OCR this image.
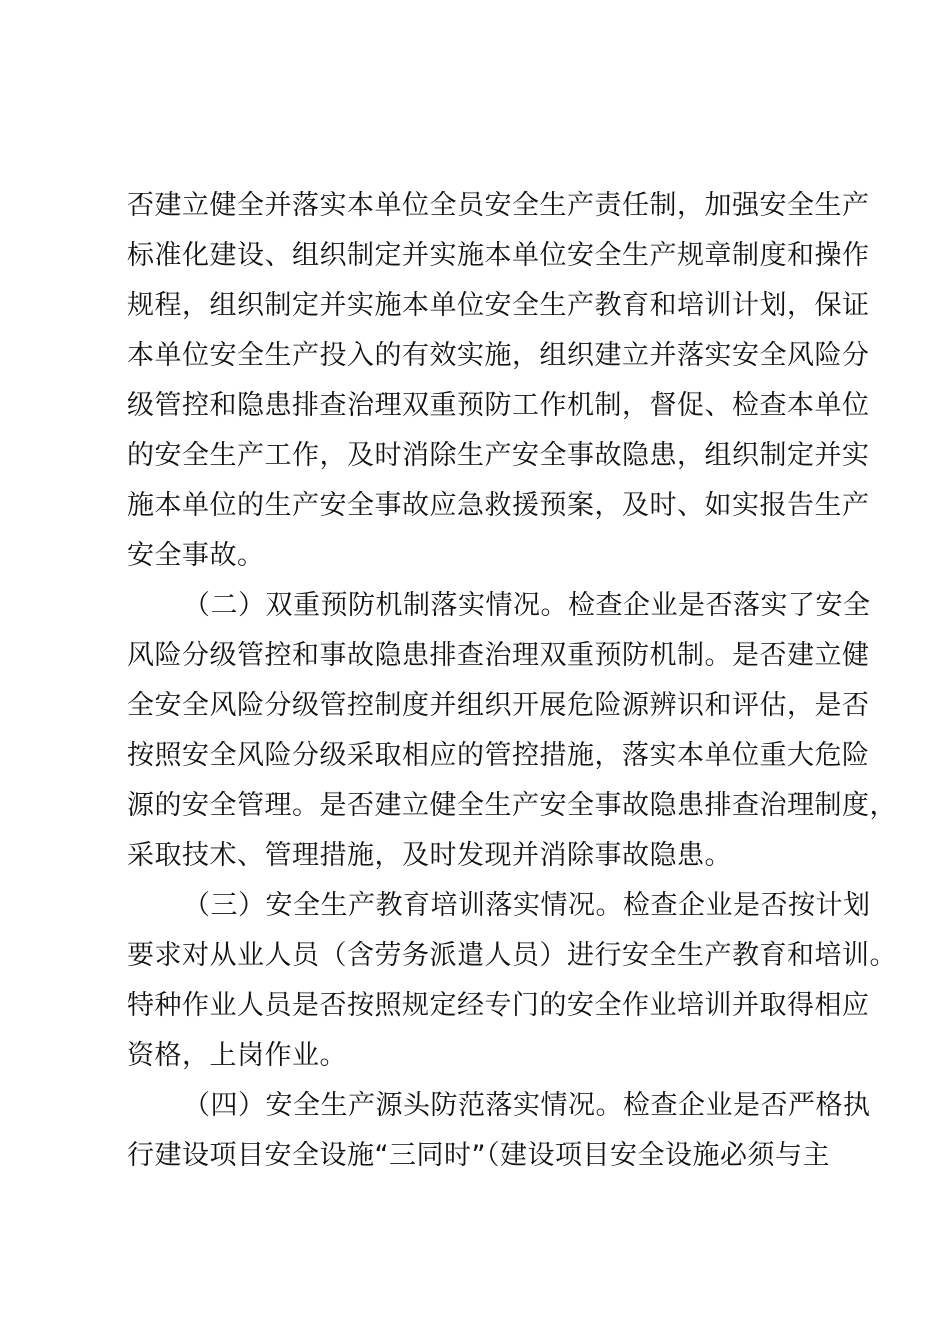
否建立健全并落实本单位全员安全生产责任制，加强安全生产
标准化建设、组织制定并实施本单位安全生产规章制度和操作
规程，组织制定并实施本单位安全生产教育和培训计划，保证
本单位安全生产投入的有效实施，组织建立并落实安全风险分
级管控和隐患排查治理双重预防工作机制，督促、检查本单位
的安全生产工作，及时消除生产安全事故隐患，组织制定并实
施本单位的生产安全事故应急救援预案，及时、如实报告生产
安全事故。
（二）双重预防机制落实情况。检查企业是否落实了安全
风险分级管控和事故隐患排查治理双重预防机制。是否建立健
全安全风险分级管控制度并组织开展危险源辨识和评估，是否
按照安全风险分级采取相应的管控措施，落实本单位重大危险
源的安全管理。是否建立健全生产安全事故隐患排查治理制度，
采取技术、管理措施，及时发现并消除事故隐患。
（三）安全生产教育培训落实情况。检查企业是否按计划
要求对从业人员（含劳务派遣人员）进行安全生产教育和培训。
特种作业人员是否按照规定经专门的安全作业培训并取得相应
资格，上岗作业。
（四）安全生产源头防范落实情况。检查企业是否严格执
行建设项目安全设施“三同时”（建设项目安全设施必须与主
